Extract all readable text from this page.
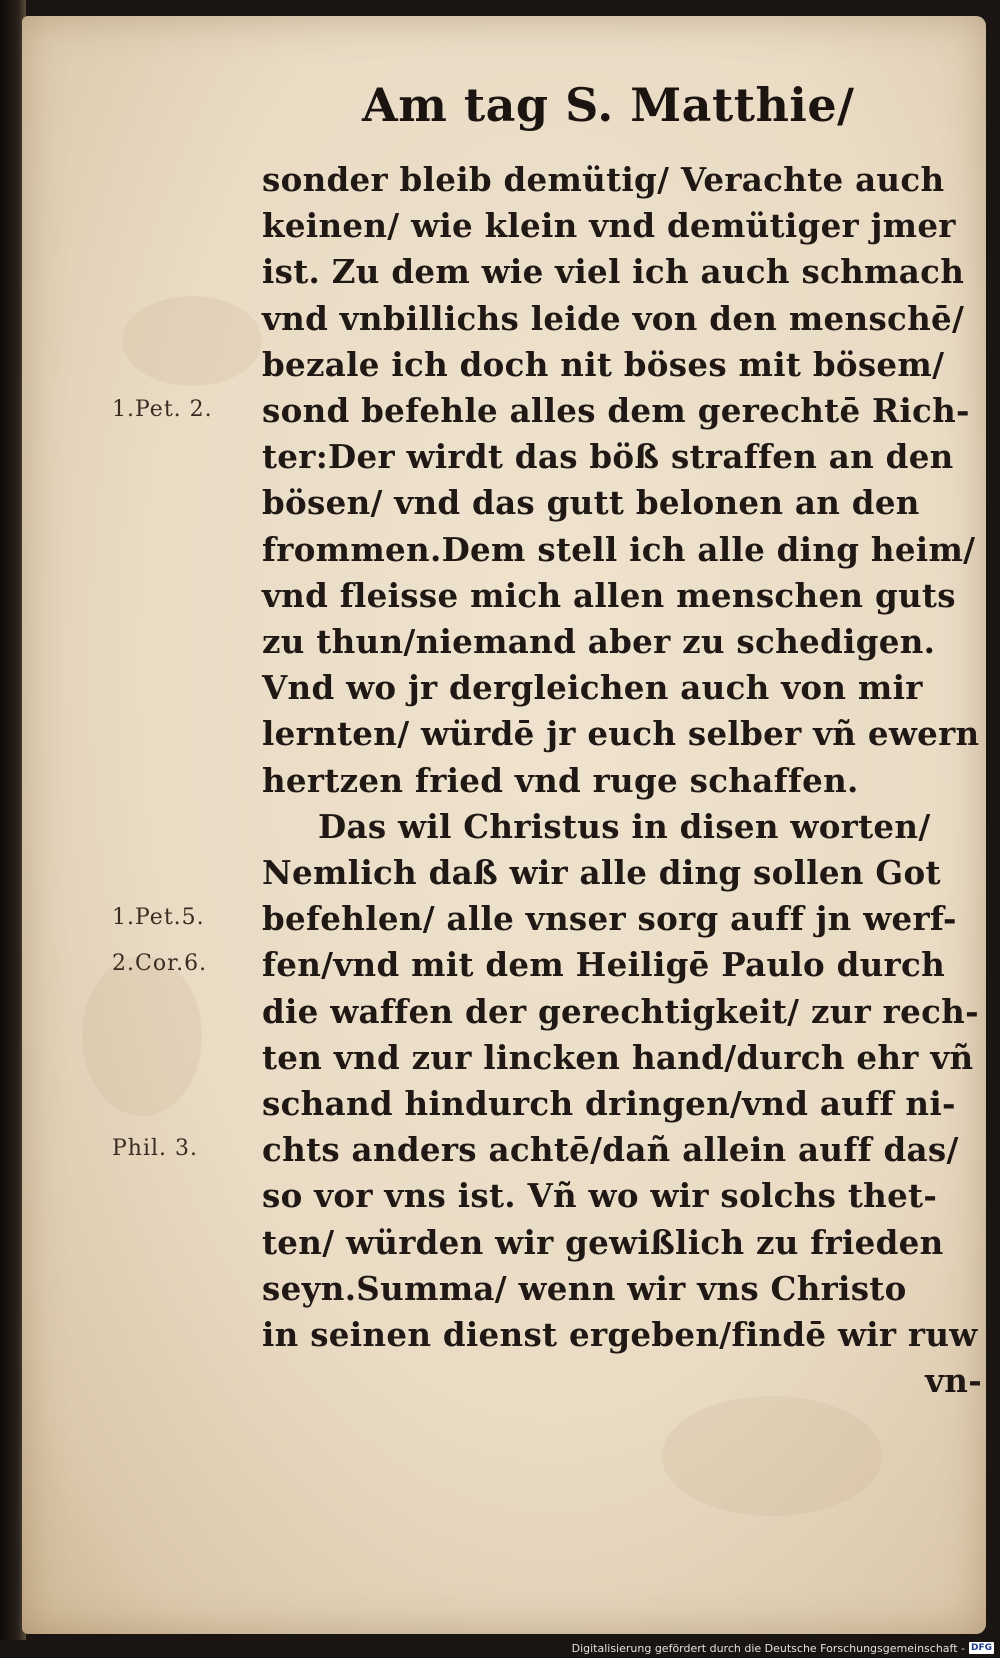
Am tag S. Matthie/
sonder bleib demütig/ Verachte auch
keinen/ wie klein vnd demütiger jmer
ist. Zu dem wie viel ich auch schmach
vnd vnbillichs leide von den menschē/
bezale ich doch nit böses mit bösem/
sond befehle alles dem gerechtē Rich-
ter:Der wirdt das böß straffen an den
bösen/ vnd das gutt belonen an den
frommen.Dem stell ich alle ding heim/
vnd fleisse mich allen menschen guts
zu thun/niemand aber zu schedigen.
Vnd wo jr dergleichen auch von mir
lernten/ würdē jr euch selber vñ ewern
hertzen fried vnd ruge schaffen.
Das wil Christus in disen worten/
Nemlich daß wir alle ding sollen Got
befehlen/ alle vnser sorg auff jn werf-
fen/vnd mit dem Heiligē Paulo durch
die waffen der gerechtigkeit/ zur rech-
ten vnd zur lincken hand/durch ehr vñ
schand hindurch dringen/vnd auff ni-
chts anders achtē/dañ allein auff das/
so vor vns ist. Vñ wo wir solchs thet-
ten/ würden wir gewißlich zu frieden
seyn.Summa/ wenn wir vns Christo
in seinen dienst ergeben/findē wir ruw
vn-
1.Pet. 2.
1.Pet.5.
2.Cor.6.
Phil. 3.
Digitalisierung gefördert durch die Deutsche Forschungsgemeinschaft - DFG
